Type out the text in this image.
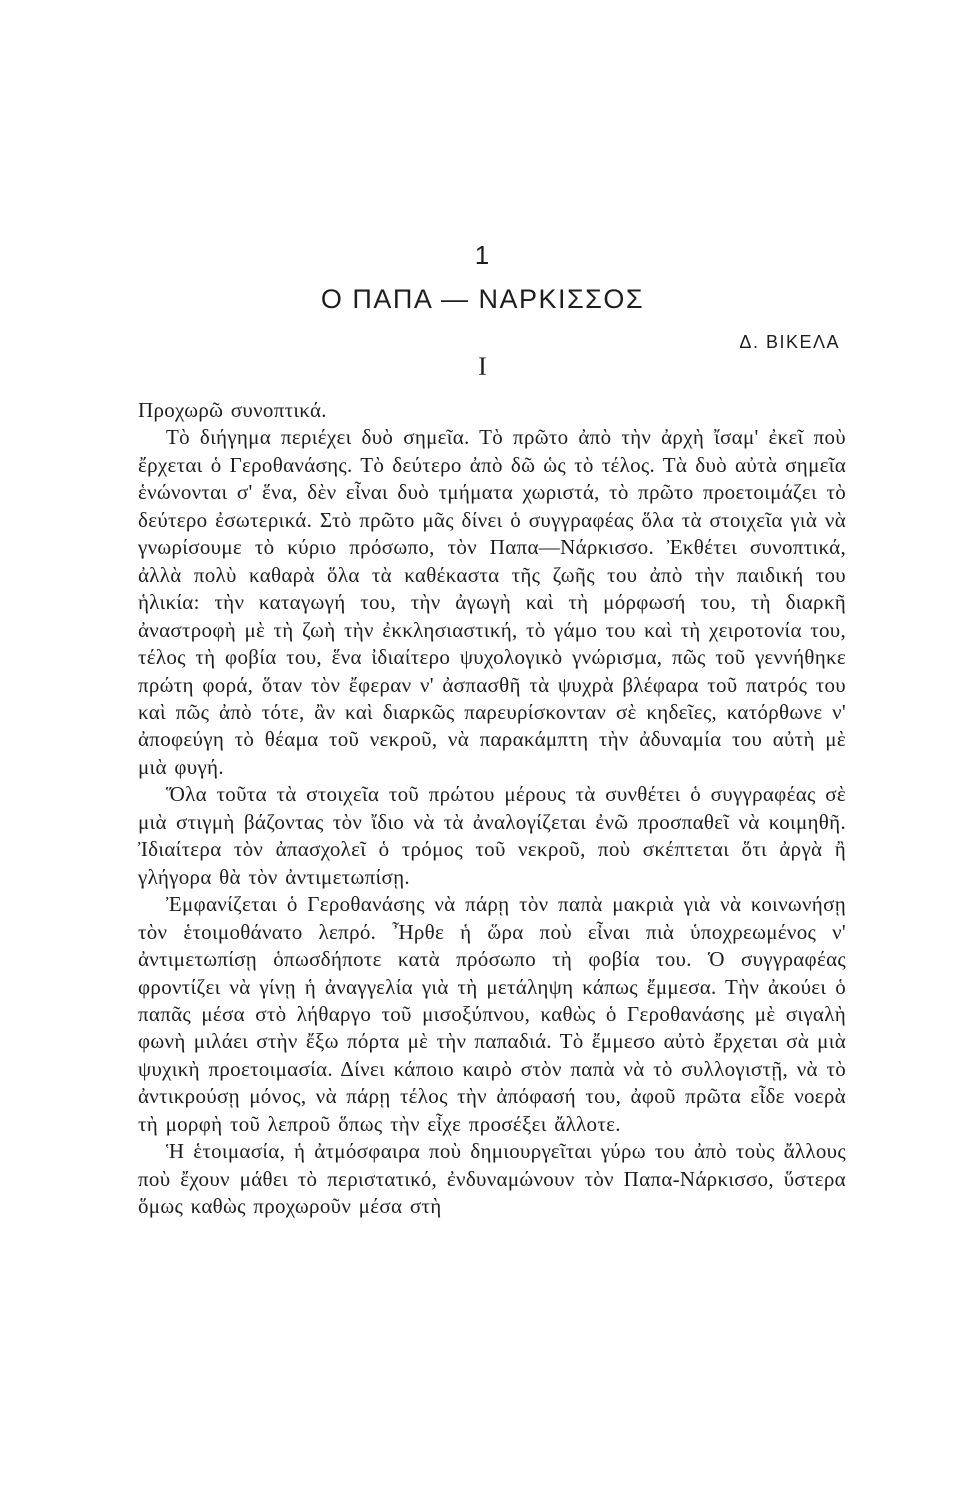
1
Ο ΠΑΠΑ — ΝΑΡΚΙΣΣΟΣ
Δ. ΒΙΚΕΛΑ
Ι

Προχωρῶ συνοπτικά.

Τὸ διήγημα περιέχει δυὸ σημεῖα. Τὸ πρῶτο ἀπὸ τὴν ἀρχὴ ἴσαμ' ἐκεῖ ποὺ ἔρχεται ὁ Γεροθανάσης. Τὸ δεύτερο ἀπὸ δῶ ὡς τὸ τέλος. Τὰ δυὸ αὐτὰ σημεῖα ἑνώνονται σ' ἕνα, δὲν εἶναι δυὸ τμήματα χωριστά, τὸ πρῶτο προετοιμάζει τὸ δεύτερο ἐσωτερικά. Στὸ πρῶτο μᾶς δίνει ὁ συγγραφέας ὅλα τὰ στοιχεῖα γιὰ νὰ γνωρίσουμε τὸ κύριο πρόσωπο, τὸν Παπα—Νάρκισσο. Ἐκθέτει συνοπτικά, ἀλλὰ πολὺ καθαρὰ ὅλα τὰ καθέκαστα τῆς ζωῆς του ἀπὸ τὴν παιδική του ἡλικία: τὴν καταγωγή του, τὴν ἀγωγὴ καὶ τὴ μόρφωσή του, τὴ διαρκῆ ἀναστροφὴ μὲ τὴ ζωὴ τὴν ἐκκλησιαστική, τὸ γάμο του καὶ τὴ χειροτονία του, τέλος τὴ φοβία του, ἕνα ἰδιαίτερο ψυχολογικὸ γνώρισμα, πῶς τοῦ γεννήθηκε πρώτη φορά, ὅταν τὸν ἔφεραν ν' ἀσπασθῆ τὰ ψυχρὰ βλέφαρα τοῦ πατρός του καὶ πῶς ἀπὸ τότε, ἂν καὶ διαρκῶς παρευρίσκονταν σὲ κηδεῖες, κατόρθωνε ν' ἀποφεύγη τὸ θέαμα τοῦ νεκροῦ, νὰ παρακάμπτη τὴν ἀδυναμία του αὐτὴ μὲ μιὰ φυγή.

Ὅλα τοῦτα τὰ στοιχεῖα τοῦ πρώτου μέρους τὰ συνθέτει ὁ συγγραφέας σὲ μιὰ στιγμὴ βάζοντας τὸν ἴδιο νὰ τὰ ἀναλογίζεται ἐνῶ προσπαθεῖ νὰ κοιμηθῆ. Ἰδιαίτερα τὸν ἀπασχολεῖ ὁ τρόμος τοῦ νεκροῦ, ποὺ σκέπτεται ὅτι ἀργὰ ἢ γλήγορα θὰ τὸν ἀντιμετωπίσῃ.

Ἐμφανίζεται ὁ Γεροθανάσης νὰ πάρῃ τὸν παπὰ μακριὰ γιὰ νὰ κοινωνήσῃ τὸν ἑτοιμοθάνατο λεπρό. Ἦρθε ἡ ὥρα ποὺ εἶναι πιὰ ὑποχρεωμένος ν' ἀντιμετωπίσῃ ὁπωσδήποτε κατὰ πρόσωπο τὴ φοβία του. Ὁ συγγραφέας φροντίζει νὰ γίνῃ ἡ ἀναγγελία γιὰ τὴ μετάληψη κάπως ἔμμεσα. Τὴν ἀκούει ὁ παπᾶς μέσα στὸ λήθαργο τοῦ μισοξύπνου, καθὼς ὁ Γεροθανάσης μὲ σιγαλὴ φωνὴ μιλάει στὴν ἔξω πόρτα μὲ τὴν παπαδιά. Τὸ ἔμμεσο αὐτὸ ἔρχεται σὰ μιὰ ψυχικὴ προετοιμασία. Δίνει κάποιο καιρὸ στὸν παπὰ νὰ τὸ συλλογιστῇ, νὰ τὸ ἀντικρούσῃ μόνος, νὰ πάρῃ τέλος τὴν ἀπόφασή του, ἀφοῦ πρῶτα εἶδε νοερὰ τὴ μορφὴ τοῦ λεπροῦ ὅπως τὴν εἶχε προσέξει ἄλλοτε.

Ἡ ἑτοιμασία, ἡ ἀτμόσφαιρα ποὺ δημιουργεῖται γύρω του ἀπὸ τοὺς ἄλλους ποὺ ἔχουν μάθει τὸ περιστατικό, ἐνδυναμώνουν τὸν Παπα-Νάρκισσο, ὕστερα ὅμως καθὼς προχωροῦν μέσα στὴ
